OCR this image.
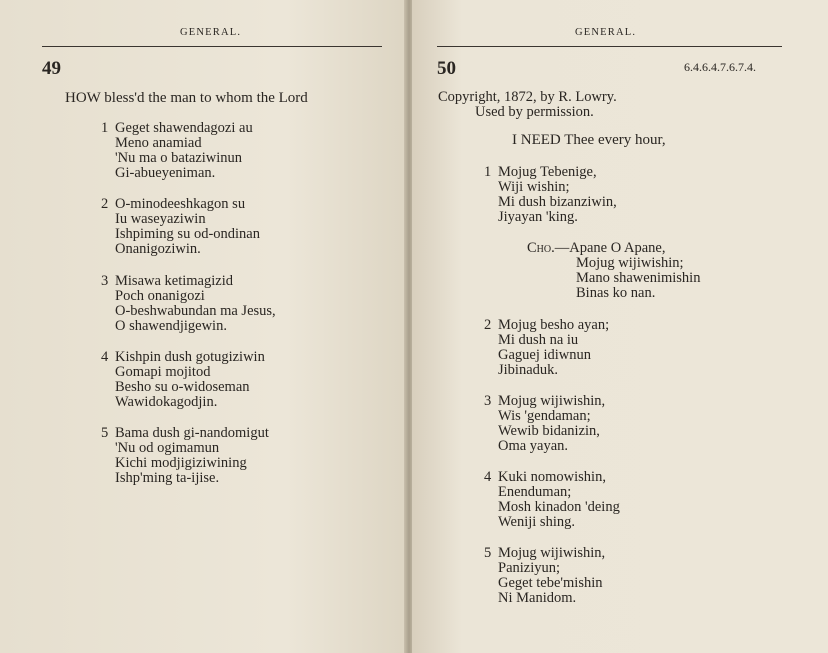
GENERAL.
49
HOW bless'd the man to whom the Lord
1 Geget shawendagozi au
Meno anamiad
'Nu ma o bataziwinun
Gi-abueyeniman.
2 O-minodeeshkagon su
Iu waseyaziwin
Ishpiming su od-ondinan
Onanigoziwin.
3 Misawa ketimagizid
Poch onanigozi
O-beshwabundan ma Jesus,
O shawendjigewin.
4 Kishpin dush gotugiziwin
Gomapi mojitod
Besho su o-widoseman
Wawidokagodjin.
5 Bama dush gi-nandomigut
'Nu od ogimamun
Kichi modjigiziwining
Ishp'ming ta-ijise.
GENERAL.
50	6.4.6.4.7.6.7.4.
Copyright, 1872, by R. Lowry.
Used by permission.
I NEED Thee every hour,
1 Mojug Tebenige,
Wiji wishin;
Mi dush bizanziwin,
Jiyayan 'king.
Cho.—Apane O Apane,
Mojug wijiwishin;
Mano shawenimishin
Binas ko nan.
2 Mojug besho ayan;
Mi dush na iu
Gaguej idiwnun
Jibinaduk.
3 Mojug wijiwishin,
Wis 'gendaman;
Wewib bidanizin,
Oma yayan.
4 Kuki nomowishin,
Enenduman;
Mosh kinadon 'deing
Weniji shing.
5 Mojug wijiwishin,
Paniziyun;
Geget tebe'mishin
Ni Manidom.
